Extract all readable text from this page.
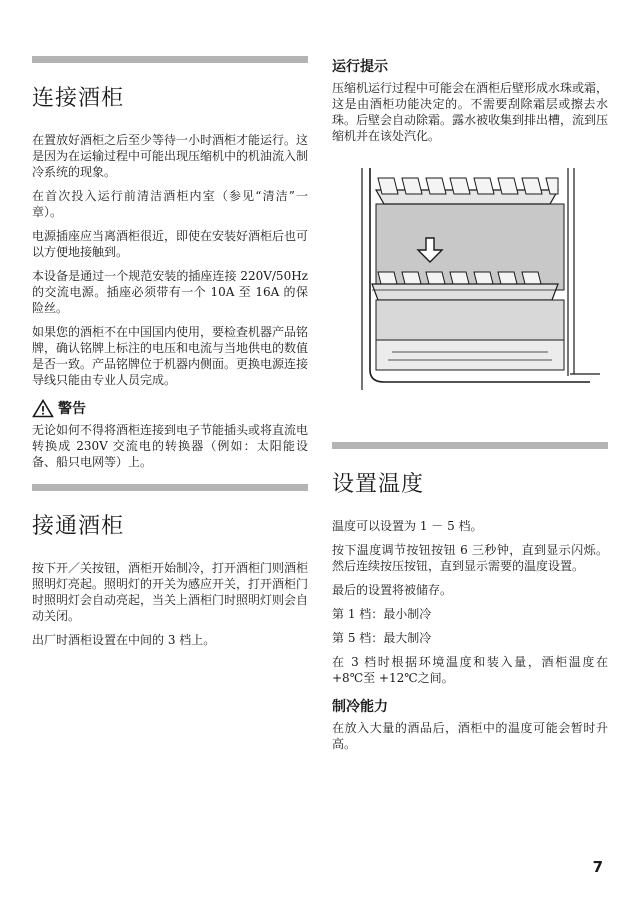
连接酒柜

在置放好酒柜之后至少等待一小时酒柜才能运行。这是因为在运输过程中可能出现压缩机中的机油流入制冷系统的现象。

在首次投入运行前清洁酒柜内室（参见“清洁”一章）。

电源插座应当离酒柜很近，即使在安装好酒柜后也可以方便地接触到。

本设备是通过一个规范安装的插座连接 220V/50Hz 的交流电源。插座必须带有一个 10A 至 16A 的保险丝。

如果您的酒柜不在中国国内使用，要检查机器产品铭牌，确认铭牌上标注的电压和电流与当地供电的数值是否一致。产品铭牌位于机器内侧面。更换电源连接导线只能由专业人员完成。

警告

无论如何不得将酒柜连接到电子节能插头或将直流电转换成 230V 交流电的转换器（例如：太阳能设备、船只电网等）上。

接通酒柜

按下开／关按钮，酒柜开始制冷，打开酒柜门则酒柜照明灯亮起。照明灯的开关为感应开关，打开酒柜门时照明灯会自动亮起，当关上酒柜门时照明灯则会自动关闭。

出厂时酒柜设置在中间的 3 档上。

运行提示

压缩机运行过程中可能会在酒柜后壁形成水珠或霜，这是由酒柜功能决定的。不需要刮除霜层或擦去水珠。后壁会自动除霜。露水被收集到排出槽，流到压缩机并在该处汽化。

设置温度

温度可以设置为 1 － 5 档。

按下温度调节按钮按钮 6 三秒钟，直到显示闪烁。然后连续按压按钮，直到显示需要的温度设置。

最后的设置将被储存。

第 1 档：最小制冷

第 5 档：最大制冷

在 3 档时根据环境温度和装入量，酒柜温度在 +8℃至 +12℃之间。

制冷能力

在放入大量的酒品后，酒柜中的温度可能会暂时升高。

7
